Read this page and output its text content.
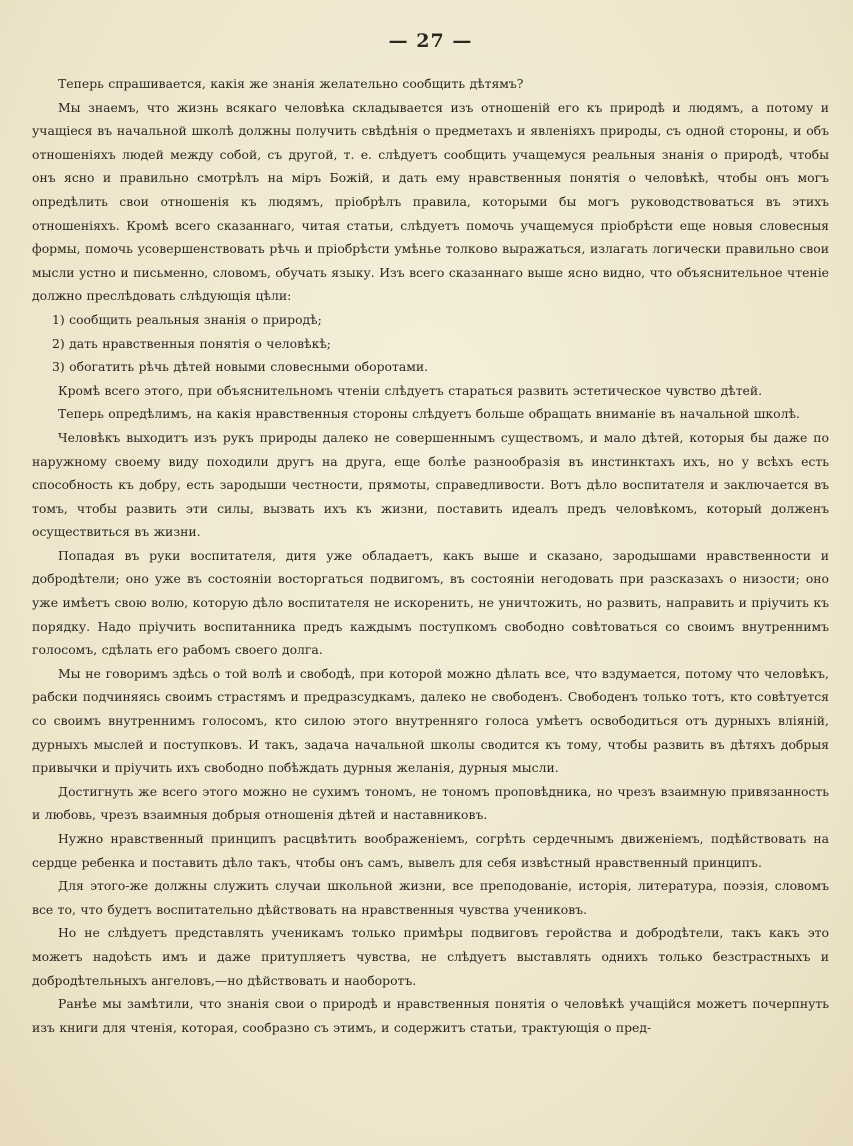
— 27 —

Теперь спрашивается, какія же знанія желательно сообщить дѣтямъ?

Мы знаемъ, что жизнь всякаго человѣка складывается изъ отношеній его къ природѣ и людямъ, а потому и учащіеся въ начальной школѣ должны получить свѣдѣнія о предметахъ и явленіяхъ природы, съ одной стороны, и объ отношеніяхъ людей между собой, съ другой, т. е. слѣдуетъ сообщить учащемуся реальныя знанія о природѣ, чтобы онъ ясно и правильно смотрѣлъ на міръ Божій, и дать ему нравственныя понятія о человѣкѣ, чтобы онъ могъ опредѣлить свои отношенія къ людямъ, пріобрѣлъ правила, которыми бы могъ руководствоваться въ этихъ отношеніяхъ. Кромѣ всего сказаннаго, читая статьи, слѣдуетъ помочь учащемуся пріобрѣсти еще новыя словесныя формы, помочь усовершенствовать рѣчь и пріобрѣсти умѣнье толково выражаться, излагать логически правильно свои мысли устно и письменно, словомъ, обучать языку. Изъ всего сказаннаго выше ясно видно, что объяснительное чтеніе должно преслѣдовать слѣдующія цѣли:

1) сообщить реальныя знанія о природѣ;

2) дать нравственныя понятія о человѣкѣ;

3) обогатить рѣчь дѣтей новыми словесными оборотами.

Кромѣ всего этого, при объяснительномъ чтеніи слѣдуетъ стараться развить эстетическое чувство дѣтей.

Теперь опредѣлимъ, на какія нравственныя стороны слѣдуетъ больше обращать вниманіе въ начальной школѣ.

Человѣкъ выходитъ изъ рукъ природы далеко не совершеннымъ существомъ, и мало дѣтей, которыя бы даже по наружному своему виду походили другъ на друга, еще болѣе разнообразія въ инстинктахъ ихъ, но у всѣхъ есть способность къ добру, есть зародыши честности, прямоты, справедливости. Вотъ дѣло воспитателя и заключается въ томъ, чтобы развить эти силы, вызвать ихъ къ жизни, поставить идеалъ предъ человѣкомъ, который долженъ осуществиться въ жизни.

Попадая въ руки воспитателя, дитя уже обладаетъ, какъ выше и сказано, зародышами нравственности и добродѣтели; оно уже въ состояніи восторгаться подвигомъ, въ состояніи негодовать при разсказахъ о низости; оно уже имѣетъ свою волю, которую дѣло воспитателя не искоренить, не уничтожить, но развить, направить и пріучить къ порядку. Надо пріучить воспитанника предъ каждымъ поступкомъ свободно совѣтоваться со своимъ внутреннимъ голосомъ, сдѣлать его рабомъ своего долга.

Мы не говоримъ здѣсь о той волѣ и свободѣ, при которой можно дѣлать все, что вздумается, потому что человѣкъ, рабски подчиняясь своимъ страстямъ и предразсудкамъ, далеко не свободенъ. Свободенъ только тотъ, кто совѣтуется со своимъ внутреннимъ голосомъ, кто силою этого внутренняго голоса умѣетъ освободиться отъ дурныхъ вліяній, дурныхъ мыслей и поступковъ. И такъ, задача начальной школы сводится къ тому, чтобы развить въ дѣтяхъ добрыя привычки и пріучить ихъ свободно побѣждать дурныя желанія, дурныя мысли.

Достигнуть же всего этого можно не сухимъ тономъ, не тономъ проповѣдника, но чрезъ взаимную привязанность и любовь, чрезъ взаимныя добрыя отношенія дѣтей и наставниковъ.

Нужно нравственный принципъ расцвѣтить воображеніемъ, согрѣть сердечнымъ движеніемъ, подѣйствовать на сердце ребенка и поставить дѣло такъ, чтобы онъ самъ, вывелъ для себя извѣстный нравственный принципъ.

Для этого-же должны служить случаи школьной жизни, все преподованіе, исторія, литература, поэзія, словомъ все то, что будетъ воспитательно дѣйствовать на нравственныя чувства учениковъ.

Но не слѣдуетъ представлять ученикамъ только примѣры подвиговъ геройства и добродѣтели, такъ какъ это можетъ надоѣсть имъ и даже притупляетъ чувства, не слѣдуетъ выставлять однихъ только безстрастныхъ и добродѣтельныхъ ангеловъ,—но дѣйствовать и наоборотъ.

Ранѣе мы замѣтили, что знанія свои о природѣ и нравственныя понятія о человѣкѣ учащійся можетъ почерпнуть изъ книги для чтенія, которая, сообразно съ этимъ, и содержитъ статьи, трактующія о пред-
